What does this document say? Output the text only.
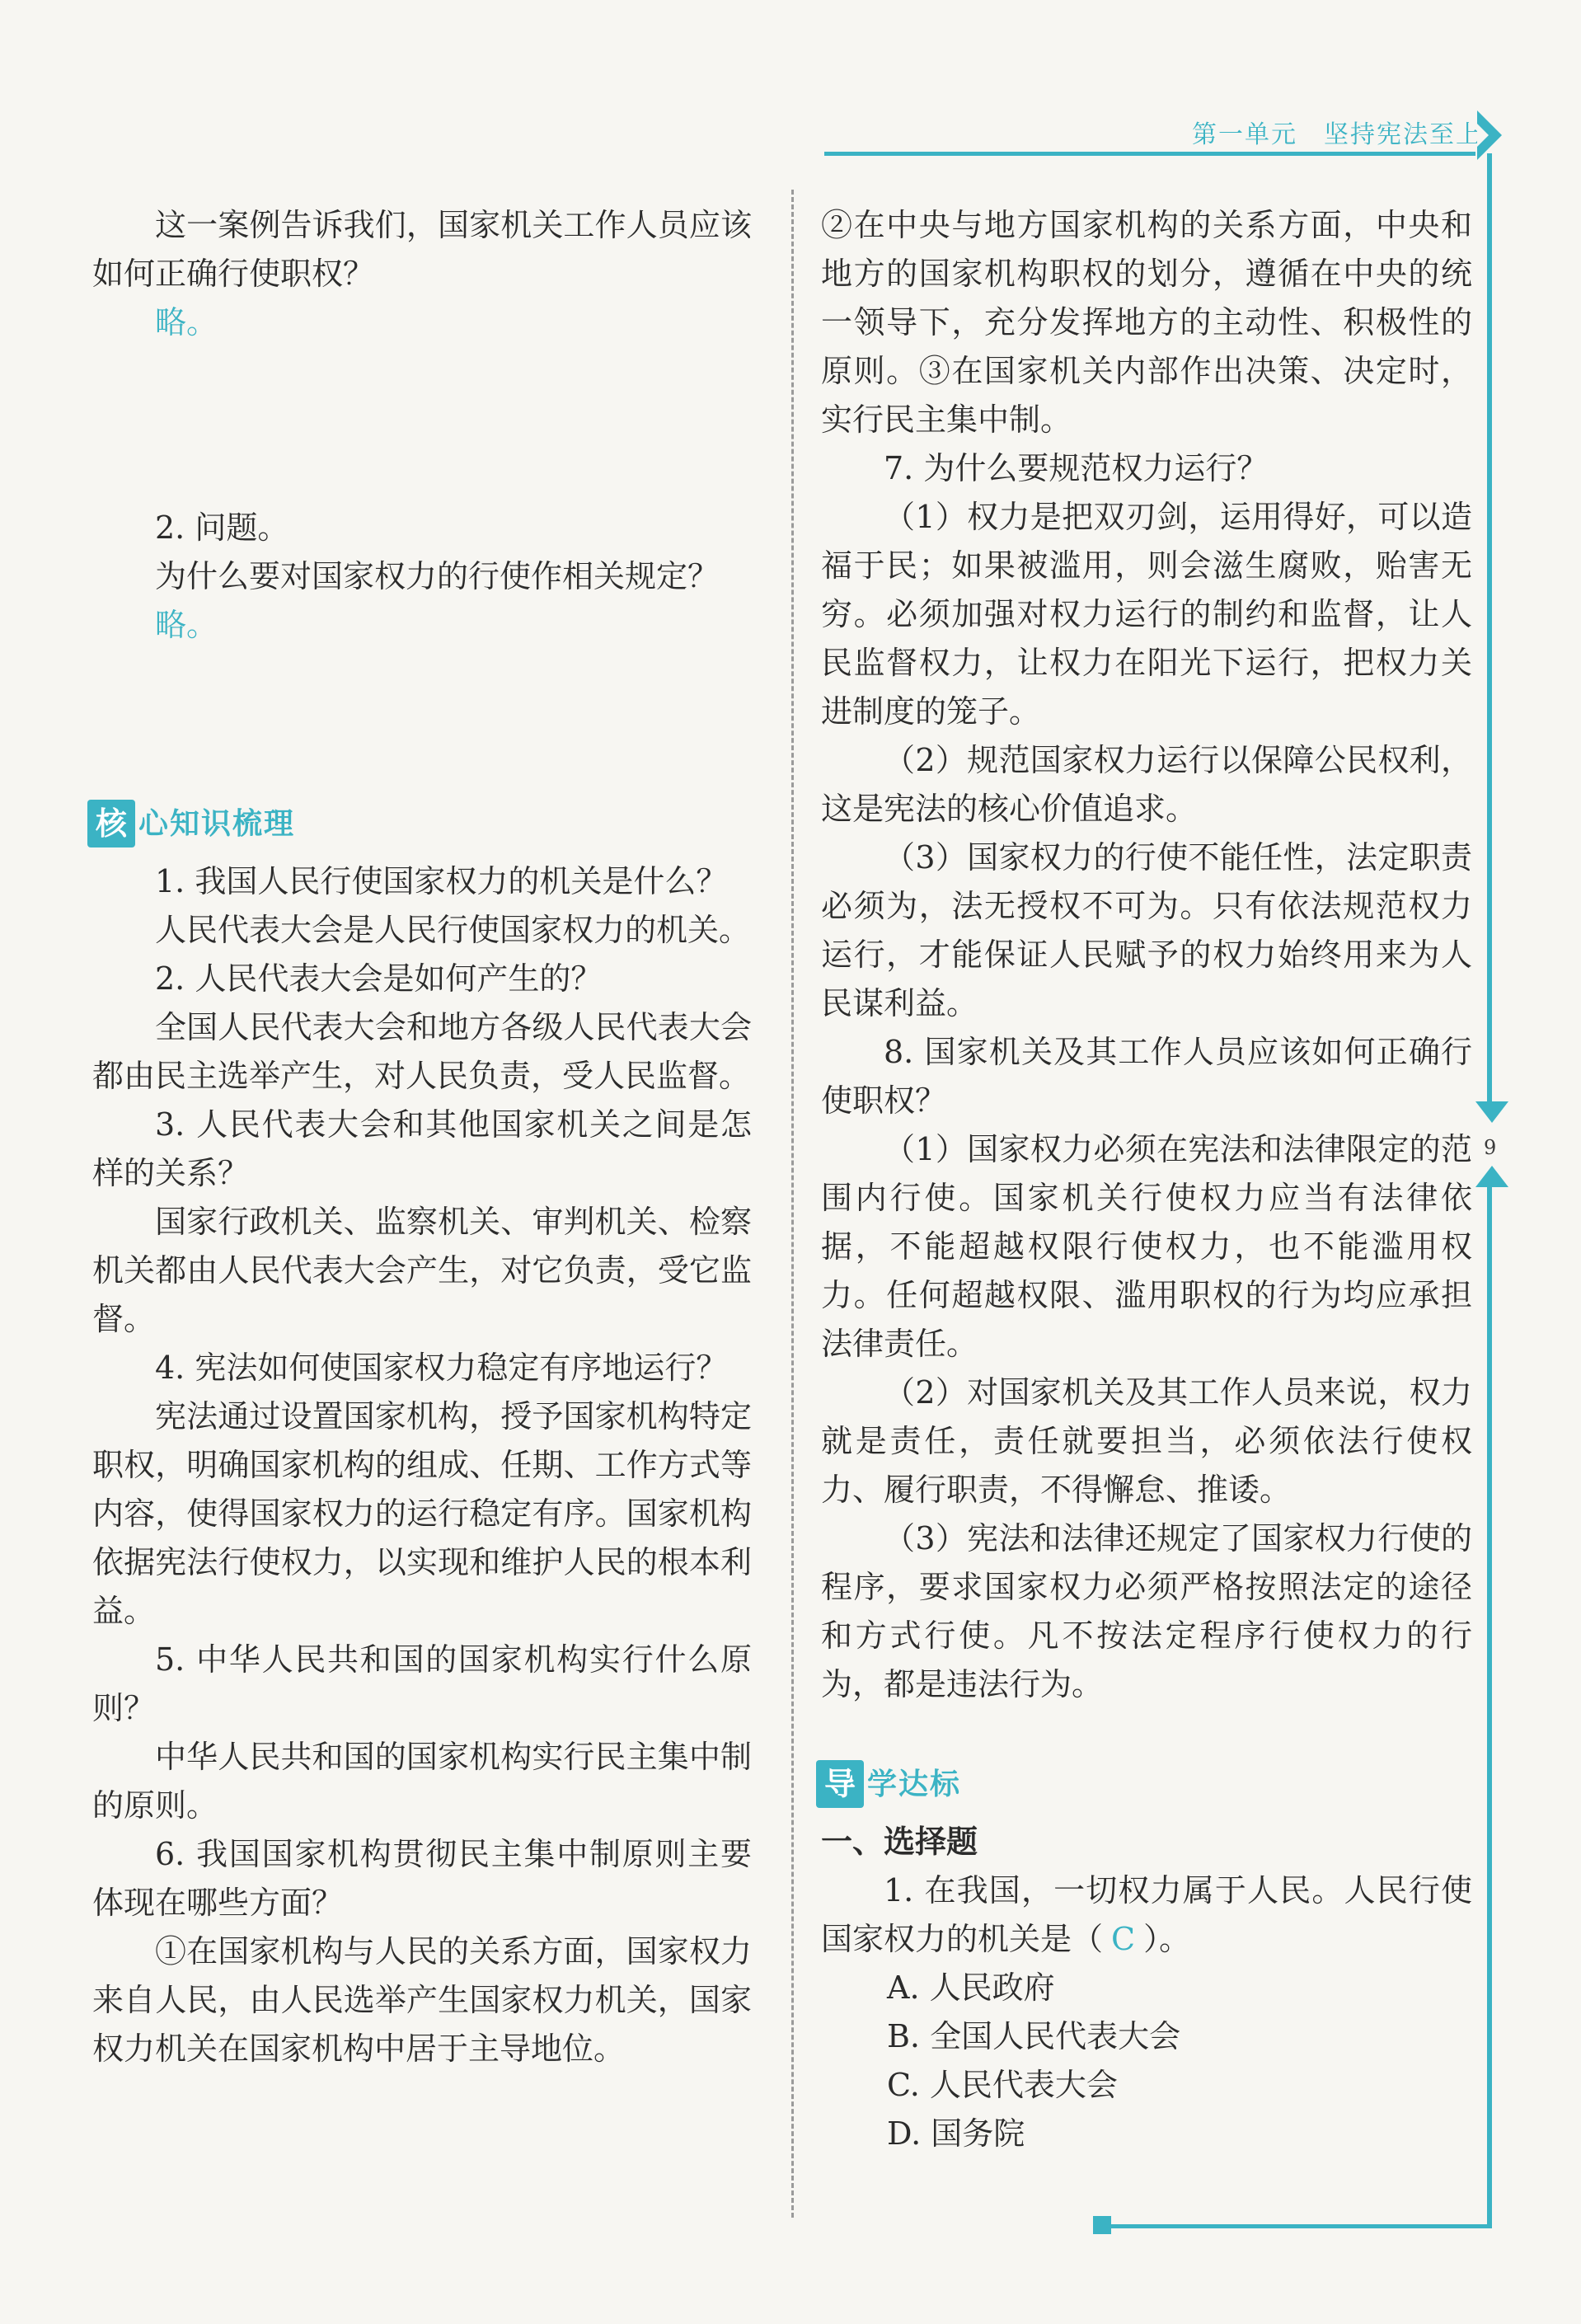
第一单元　坚持宪法至上
9

这一案例告诉我们，国家机关工作人员应该如何正确行使职权？

略。

2. 问题。

为什么要对国家权力的行使作相关规定？

略。

核 心知识梳理

1. 我国人民行使国家权力的机关是什么？

人民代表大会是人民行使国家权力的机关。

2. 人民代表大会是如何产生的？

全国人民代表大会和地方各级人民代表大会都由民主选举产生，对人民负责，受人民监督。

3. 人民代表大会和其他国家机关之间是怎样的关系？

国家行政机关、监察机关、审判机关、检察机关都由人民代表大会产生，对它负责，受它监督。

4. 宪法如何使国家权力稳定有序地运行？

宪法通过设置国家机构，授予国家机构特定职权，明确国家机构的组成、任期、工作方式等内容，使得国家权力的运行稳定有序。国家机构依据宪法行使权力，以实现和维护人民的根本利益。

5. 中华人民共和国的国家机构实行什么原则？

中华人民共和国的国家机构实行民主集中制的原则。

6. 我国国家机构贯彻民主集中制原则主要体现在哪些方面？

①在国家机构与人民的关系方面，国家权力来自人民，由人民选举产生国家权力机关，国家权力机关在国家机构中居于主导地位。

②在中央与地方国家机构的关系方面，中央和地方的国家机构职权的划分，遵循在中央的统一领导下，充分发挥地方的主动性、积极性的原则。③在国家机关内部作出决策、决定时，实行民主集中制。

7. 为什么要规范权力运行？

（1）权力是把双刃剑，运用得好，可以造福于民；如果被滥用，则会滋生腐败，贻害无穷。必须加强对权力运行的制约和监督，让人民监督权力，让权力在阳光下运行，把权力关进制度的笼子。

（2）规范国家权力运行以保障公民权利，这是宪法的核心价值追求。

（3）国家权力的行使不能任性，法定职责必须为，法无授权不可为。只有依法规范权力运行，才能保证人民赋予的权力始终用来为人民谋利益。

8. 国家机关及其工作人员应该如何正确行使职权？

（1）国家权力必须在宪法和法律限定的范围内行使。国家机关行使权力应当有法律依据，不能超越权限行使权力，也不能滥用权力。任何超越权限、滥用职权的行为均应承担法律责任。

（2）对国家机关及其工作人员来说，权力就是责任，责任就要担当，必须依法行使权力、履行职责，不得懈怠、推诿。

（3）宪法和法律还规定了国家权力行使的程序，要求国家权力必须严格按照法定的途径和方式行使。凡不按法定程序行使权力的行为，都是违法行为。

导 学达标

一、选择题

1. 在我国，一切权力属于人民。人民行使国家权力的机关是（ C ）。

A. 人民政府

B. 全国人民代表大会

C. 人民代表大会

D. 国务院
